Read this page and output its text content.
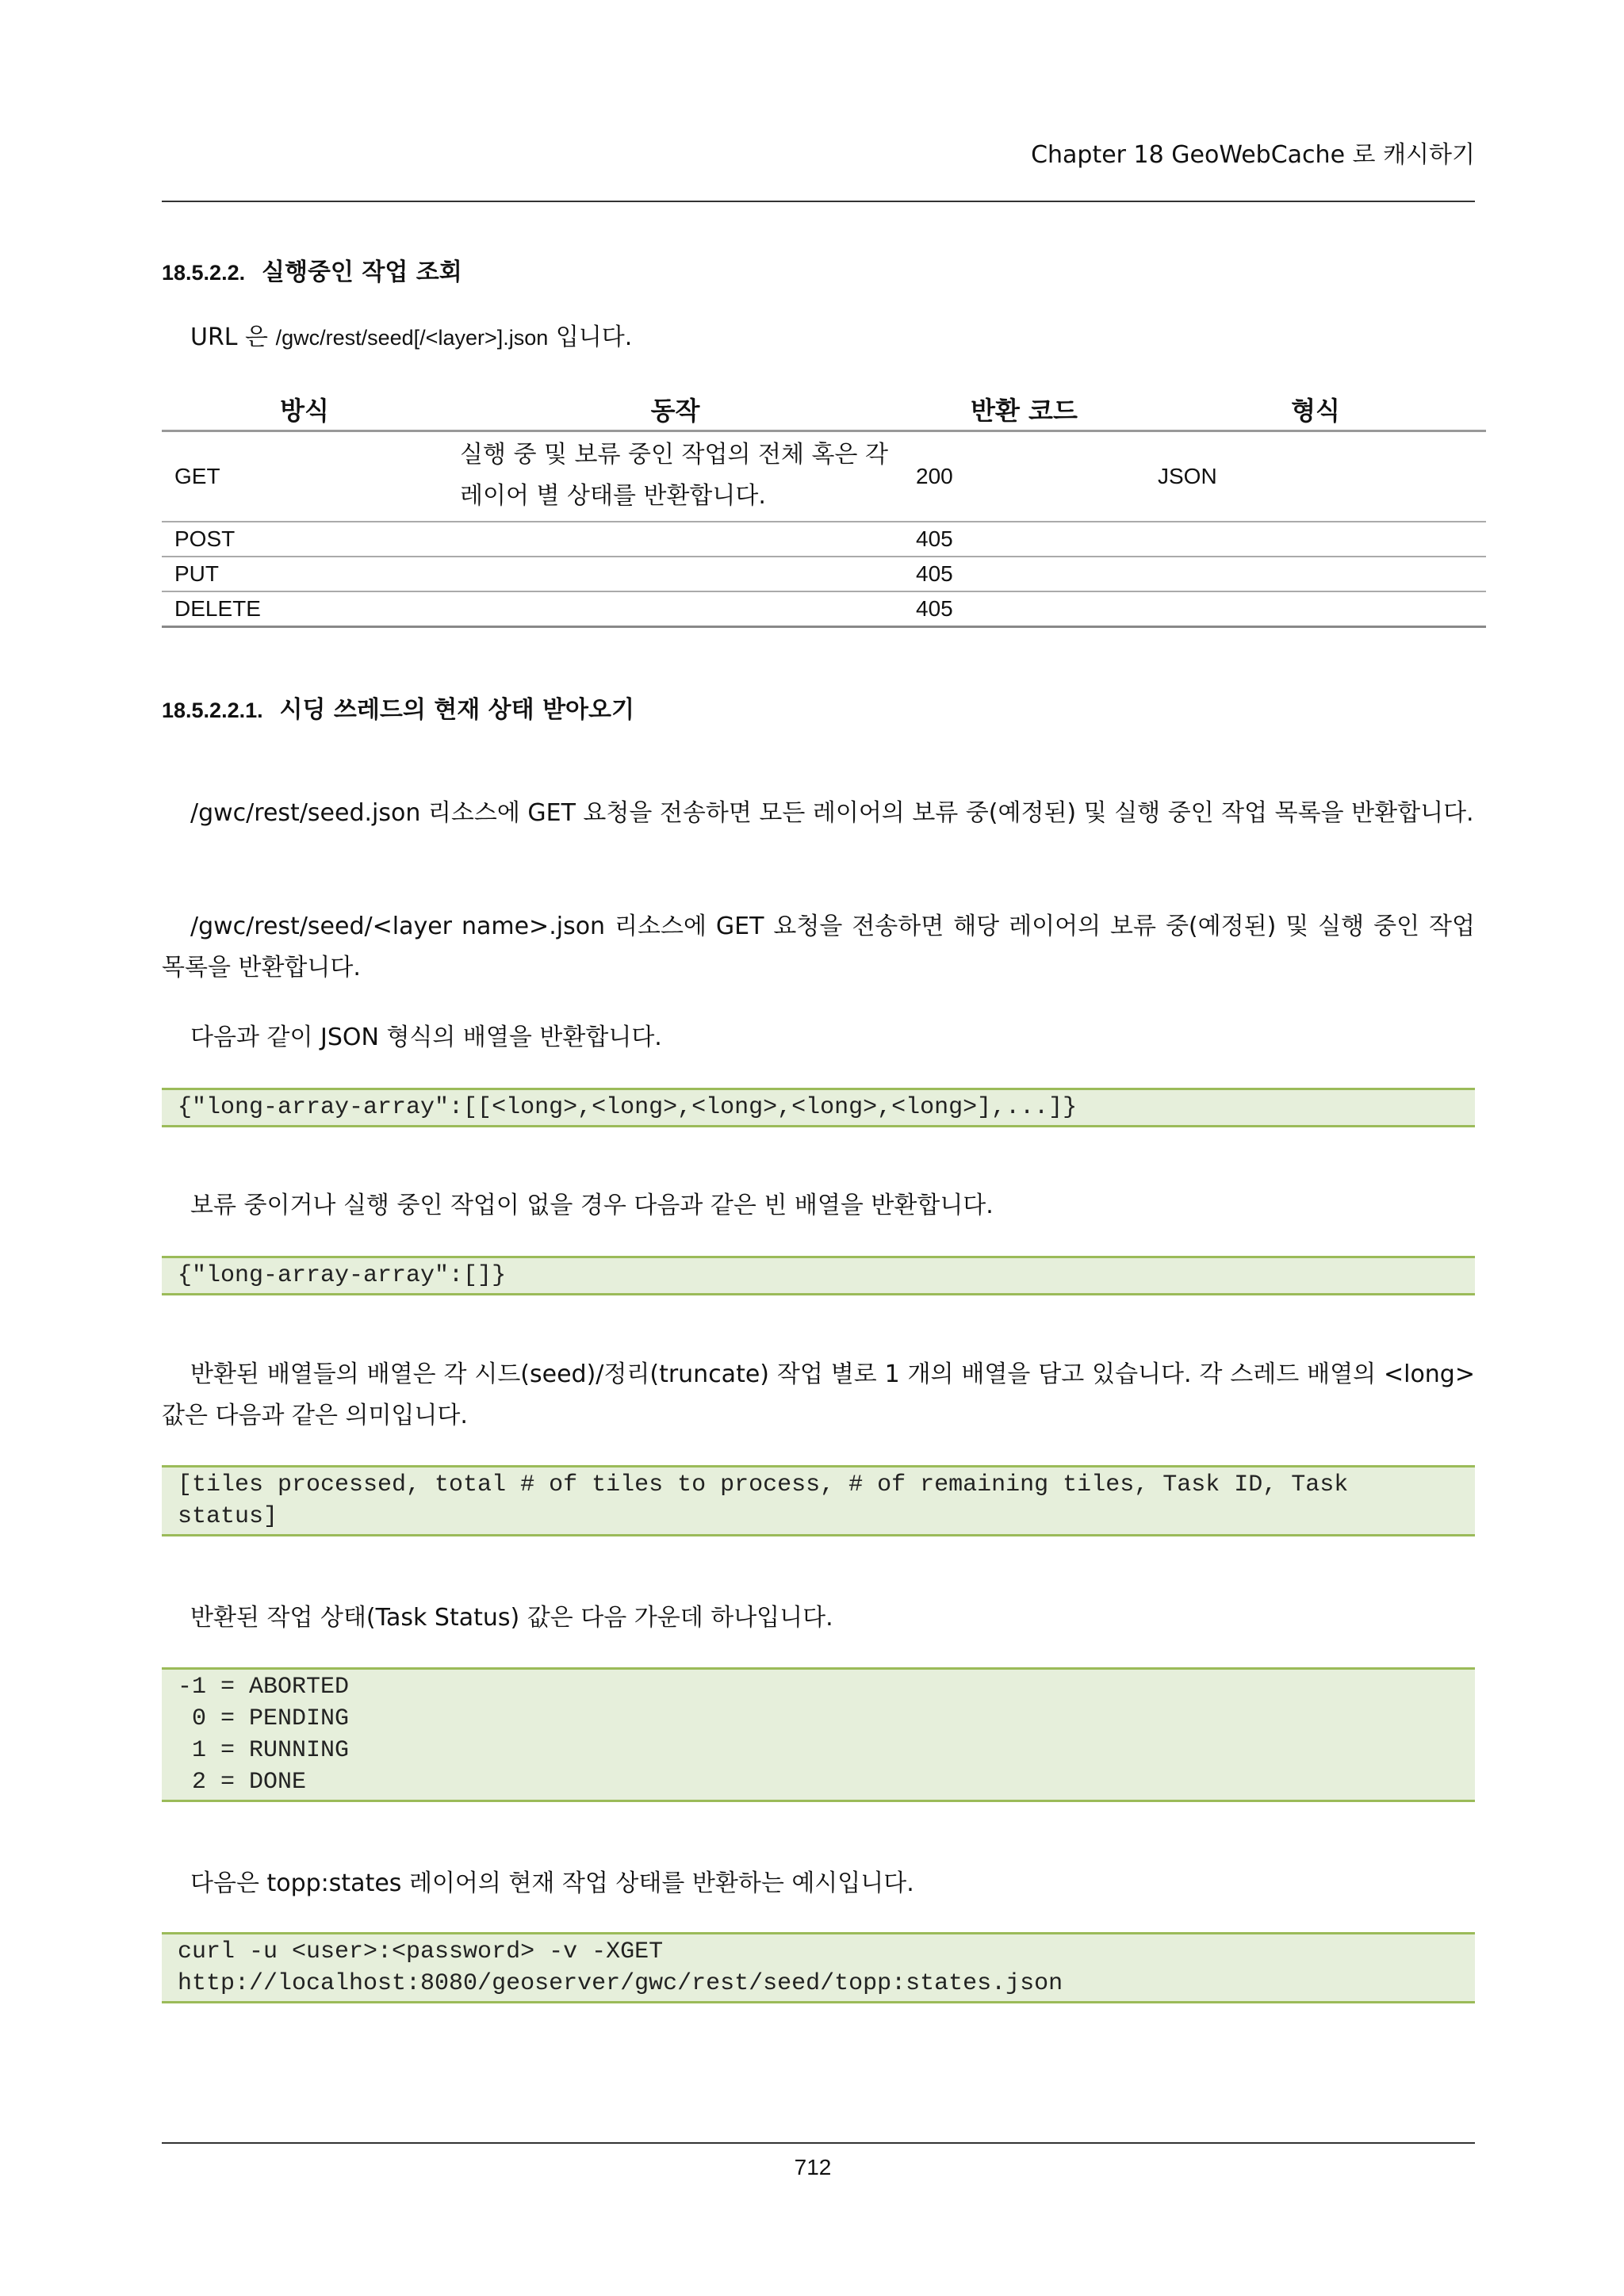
Chapter 18 GeoWebCache 로 캐시하기
18.5.2.2. 실행중인 작업 조회
URL 은 /gwc/rest/seed[/<layer>].json 입니다.
방식	동작	반환 코드	형식
GET	실행 중 및 보류 중인 작업의 전체 혹은 각 레이어 별 상태를 반환합니다.	200	JSON
POST		405	
PUT		405	
DELETE		405	
18.5.2.2.1. 시딩 쓰레드의 현재 상태 받아오기
/gwc/rest/seed.json 리소스에 GET 요청을 전송하면 모든 레이어의 보류 중(예정된) 및 실행 중인 작업 목록을 반환합니다.
/gwc/rest/seed/<layer name>.json 리소스에 GET 요청을 전송하면 해당 레이어의 보류 중(예정된) 및 실행 중인 작업 목록을 반환합니다.
다음과 같이 JSON 형식의 배열을 반환합니다.
{"long-array-array":[[<long>,<long>,<long>,<long>,<long>],...]}
보류 중이거나 실행 중인 작업이 없을 경우 다음과 같은 빈 배열을 반환합니다.
{"long-array-array":[]}
반환된 배열들의 배열은 각 시드(seed)/정리(truncate) 작업 별로 1 개의 배열을 담고 있습니다. 각 스레드 배열의 <long> 값은 다음과 같은 의미입니다.
[tiles processed, total # of tiles to process, # of remaining tiles, Task ID, Task
status]
반환된 작업 상태(Task Status) 값은 다음 가운데 하나입니다.
-1 = ABORTED
0 = PENDING
1 = RUNNING
2 = DONE
다음은 topp:states 레이어의 현재 작업 상태를 반환하는 예시입니다.
curl -u <user>:<password> -v -XGET
http://localhost:8080/geoserver/gwc/rest/seed/topp:states.json
712
